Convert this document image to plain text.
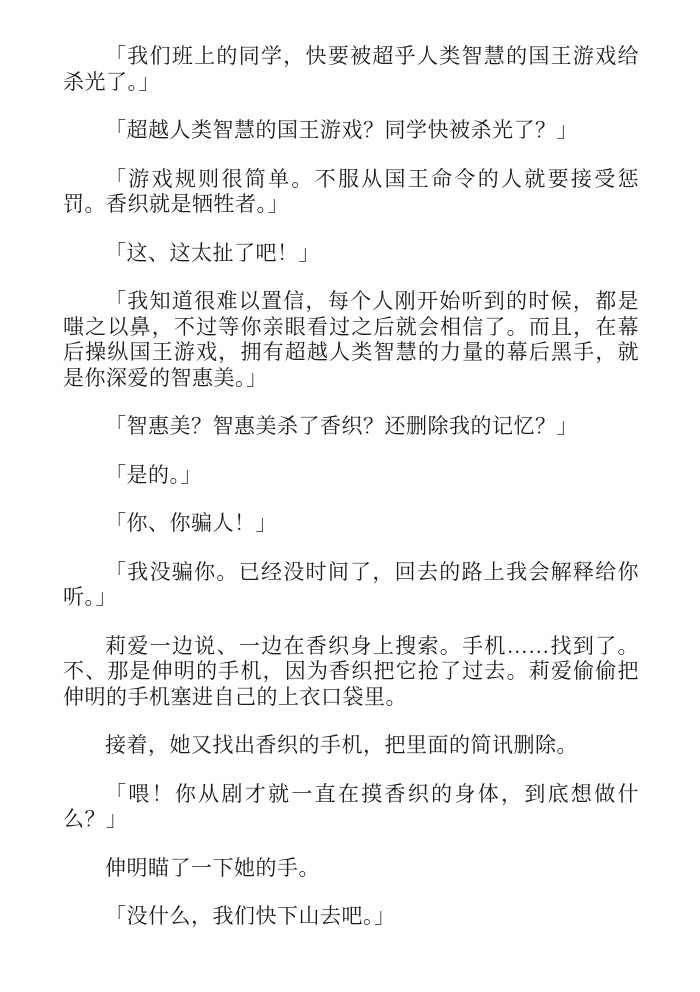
「我们班上的同学，快要被超乎人类智慧的国王游戏给杀光了。」

「超越人类智慧的国王游戏？同学快被杀光了？」

「游戏规则很简单。不服从国王命令的人就要接受惩罚。香织就是牺牲者。」

「这、这太扯了吧！」

「我知道很难以置信，每个人刚开始听到的时候，都是嗤之以鼻，不过等你亲眼看过之后就会相信了。而且，在幕后操纵国王游戏，拥有超越人类智慧的力量的幕后黑手，就是你深爱的智惠美。」

「智惠美？智惠美杀了香织？还删除我的记忆？」

「是的。」

「你、你骗人！」

「我没骗你。已经没时间了，回去的路上我会解释给你听。」

莉爱一边说、一边在香织身上搜索。手机……找到了。不、那是伸明的手机，因为香织把它抢了过去。莉爱偷偷把伸明的手机塞进自己的上衣口袋里。

接着，她又找出香织的手机，把里面的简讯删除。

「喂！你从剧才就一直在摸香织的身体，到底想做什么？」

伸明瞄了一下她的手。

「没什么，我们快下山去吧。」
